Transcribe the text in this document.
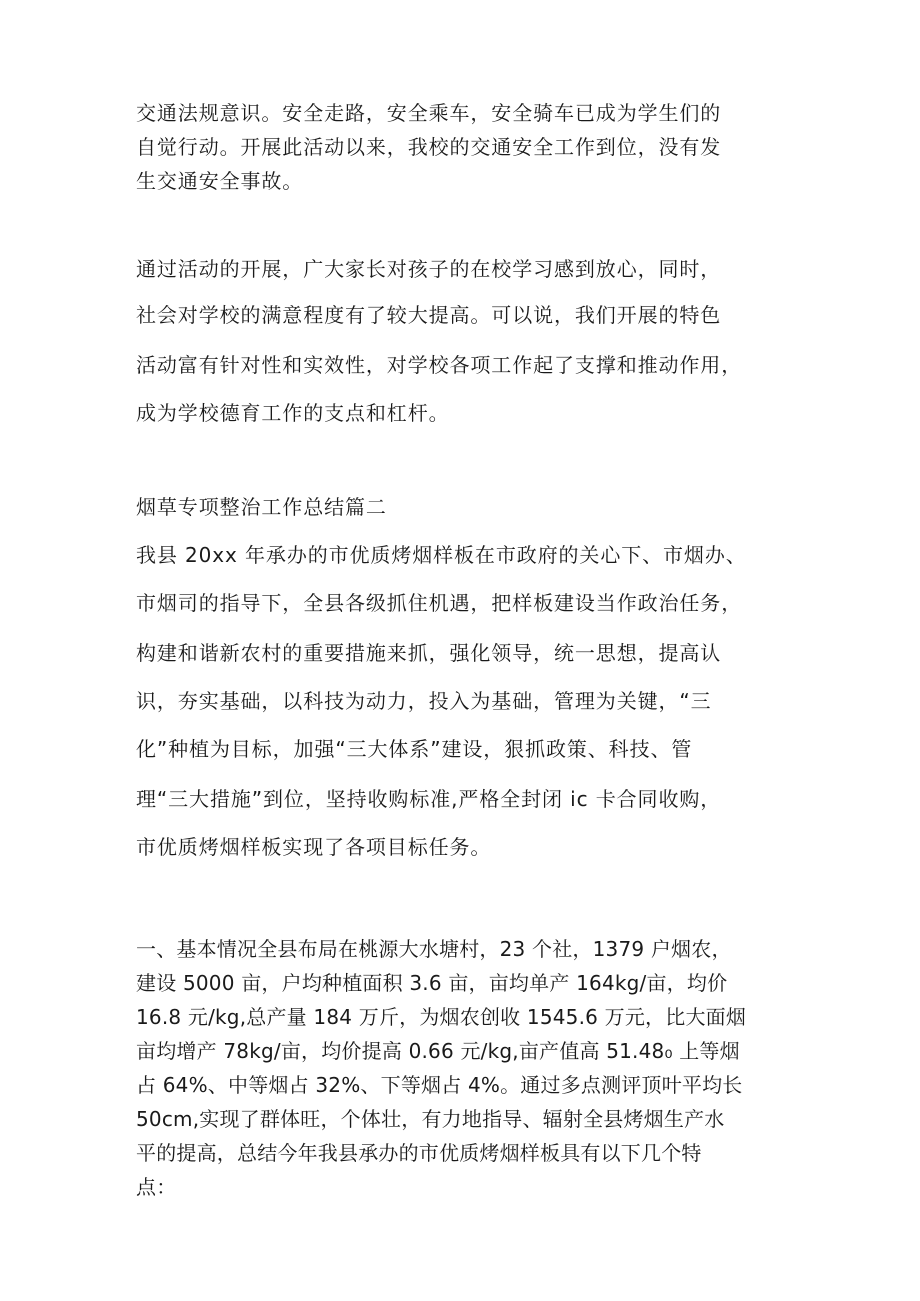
交通法规意识。安全走路，安全乘车，安全骑车已成为学生们的
自觉行动。开展此活动以来，我校的交通安全工作到位，没有发
生交通安全事故。
通过活动的开展，广大家长对孩子的在校学习感到放心，同时，
社会对学校的满意程度有了较大提高。可以说，我们开展的特色
活动富有针对性和实效性，对学校各项工作起了支撑和推动作用，
成为学校德育工作的支点和杠杆。
烟草专项整治工作总结篇二
我县 20xx 年承办的市优质烤烟样板在市政府的关心下、市烟办、
市烟司的指导下，全县各级抓住机遇，把样板建设当作政治任务，
构建和谐新农村的重要措施来抓，强化领导，统一思想，提高认
识，夯实基础，以科技为动力，投入为基础，管理为关键，“三
化”种植为目标，加强“三大体系”建设，狠抓政策、科技、管
理“三大措施”到位，坚持收购标准,严格全封闭 ic 卡合同收购，
市优质烤烟样板实现了各项目标任务。
一、基本情况全县布局在桃源大水塘村，23 个社，1379 户烟农，
建设 5000 亩，户均种植面积 3.6 亩，亩均单产 164kg/亩，均价
16.8 元/kg,总产量 184 万斤，为烟农创收 1545.6 万元，比大面烟
亩均增产 78kg/亩，均价提高 0.66 元/kg,亩产值高 51.48₀ 上等烟
占 64%、中等烟占 32%、下等烟占 4%。通过多点测评顶叶平均长
50cm,实现了群体旺，个体壮，有力地指导、辐射全县烤烟生产水
平的提高，总结今年我县承办的市优质烤烟样板具有以下几个特
点：
